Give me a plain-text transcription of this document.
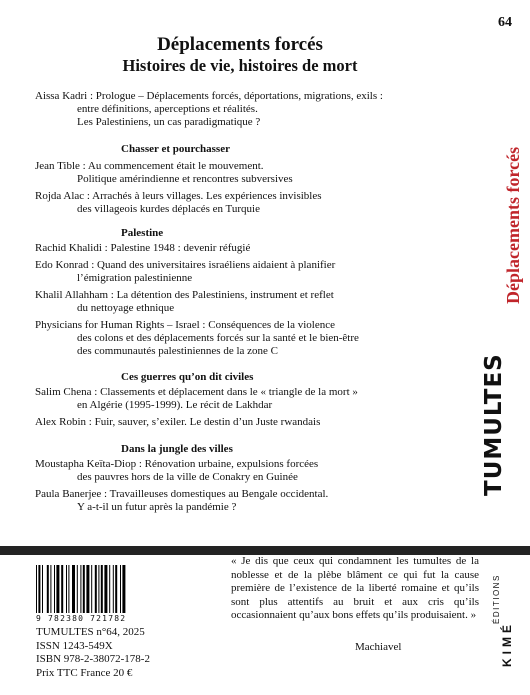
64
Déplacements forcés
Histoires de vie, histoires de mort
Aissa Kadri : Prologue – Déplacements forcés, déportations, migrations, exils :
entre définitions, aperceptions et réalités.
Les Palestiniens, un cas paradigmatique ?
Chasser et pourchasser
Jean Tible : Au commencement était le mouvement.
Politique amérindienne et rencontres subversives
Rojda Alac : Arrachés à leurs villages. Les expériences invisibles
des villageois kurdes déplacés en Turquie
Palestine
Rachid Khalidi : Palestine 1948 : devenir réfugié
Edo Konrad : Quand des universitaires israéliens aidaient à planifier
l’émigration palestinienne
Khalil Allahham : La détention des Palestiniens, instrument et reflet
du nettoyage ethnique
Physicians for Human Rights – Israel : Conséquences de la violence
des colons et des déplacements forcés sur la santé et le bien-être
des communautés palestiniennes de la zone C
Ces guerres qu’on dit civiles
Salim Chena : Classements et déplacement dans le « triangle de la mort »
en Algérie (1995-1999). Le récit de Lakhdar
Alex Robin : Fuir, sauver, s’exiler. Le destin d’un Juste rwandais
Dans la jungle des villes
Moustapha Keïta-Diop : Rénovation urbaine, expulsions forcées
des pauvres hors de la ville de Conakry en Guinée
Paula Banerjee : Travailleuses domestiques au Bengale occidental.
Y a-t-il un futur après la pandémie ?
Déplacements forcés
TUMULTES
9 782380 721782
TUMULTES n°64, 2025
ISSN 1243-549X
ISBN 978-2-38072-178-2
Prix TTC France 20 €
« Je dis que ceux qui condamnent les tumultes de la noblesse et de la plèbe blâment ce qui fut la cause première de l’existence de la liberté romaine et qu’ils sont plus attentifs au bruit et aux cris qu’ils occasionnaient qu’aux bons effets qu’ils produisaient. »
Machiavel
ÉDITIONS
KIMÉ
